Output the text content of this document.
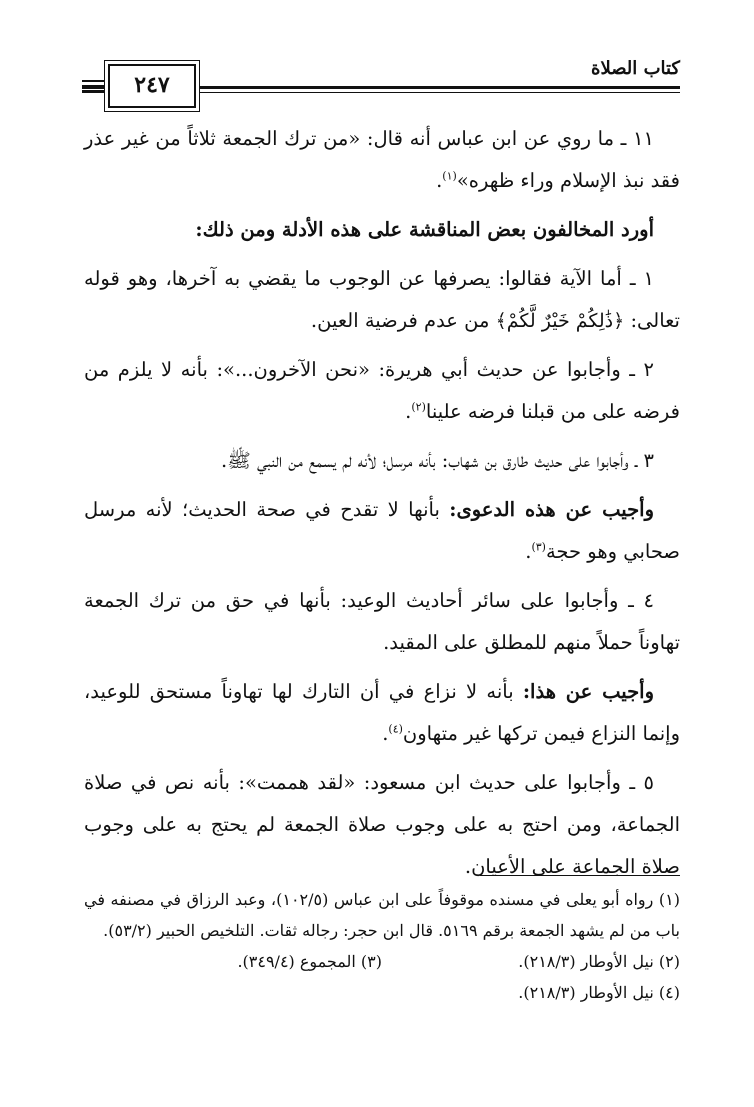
كتاب الصلاة
٢٤٧

١١ ـ ما روي عن ابن عباس أنه قال: «من ترك الجمعة ثلاثاً من غير عذر فقد نبذ الإسلام وراء ظهره»$^{(١)}$.

أورد المخالفون بعض المناقشة على هذه الأدلة ومن ذلك:

١ ـ أما الآية فقالوا: يصرفها عن الوجوب ما يقضي به آخرها، وهو قوله تعالى: ﴿ذَٰلِكُمْ خَيْرٌ لَّكُمْ﴾ من عدم فرضية العين.

٢ ـ وأجابوا عن حديث أبي هريرة: «نحن الآخرون...»: بأنه لا يلزم من فرضه على من قبلنا فرضه علينا$^{(٢)}$.

٣ ـ وأجابوا على حديث طارق بن شهاب: بأنه مرسل؛ لأنه لم يسمع من النبي ﷺ.

وأجيب عن هذه الدعوى: بأنها لا تقدح في صحة الحديث؛ لأنه مرسل صحابي وهو حجة$^{(٣)}$.

٤ ـ وأجابوا على سائر أحاديث الوعيد: بأنها في حق من ترك الجمعة تهاوناً حملاً منهم للمطلق على المقيد.

وأجيب عن هذا: بأنه لا نزاع في أن التارك لها تهاوناً مستحق للوعيد، وإنما النزاع فيمن تركها غير متهاون$^{(٤)}$.

٥ ـ وأجابوا على حديث ابن مسعود: «لقد هممت»: بأنه نص في صلاة الجماعة، ومن احتج به على وجوب صلاة الجمعة لم يحتج به على وجوب صلاة الجماعة على الأعيان.

(١) رواه أبو يعلى في مسنده موقوفاً على ابن عباس (١٠٢/٥)، وعبد الرزاق في مصنفه في باب من لم يشهد الجمعة برقم ٥١٦٩. قال ابن حجر: رجاله ثقات. التلخيص الحبير (٥٣/٢).

(٢) نيل الأوطار (٢١٨/٣).
(٣) المجموع (٣٤٩/٤).

(٤) نيل الأوطار (٢١٨/٣).
